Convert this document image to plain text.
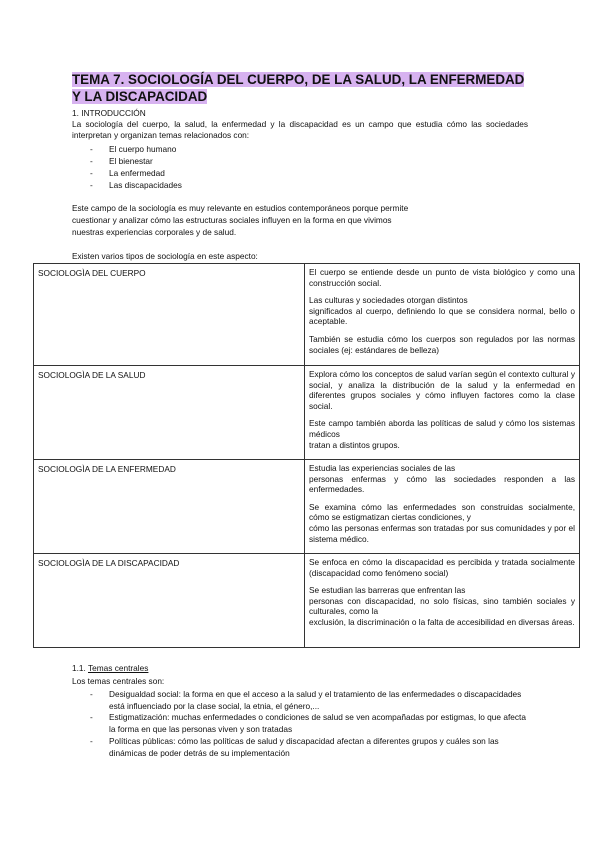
TEMA 7. SOCIOLOGÍA DEL CUERPO, DE LA SALUD, LA ENFERMEDAD Y LA DISCAPACIDAD
1. INTRODUCCIÓN
La sociología del cuerpo, la salud, la enfermedad y la discapacidad es un campo que estudia cómo las sociedades interpretan y organizan temas relacionados con:
- El cuerpo humano
- El bienestar
- La enfermedad
- Las discapacidades
Este campo de la sociología es muy relevante en estudios contemporáneos porque permite
cuestionar y analizar cómo las estructuras sociales influyen en la forma en que vivimos
nuestras experiencias corporales y de salud.
Existen varios tipos de sociología en este aspecto:
SOCIOLOGÌA DEL CUERPO	El cuerpo se entiende desde un punto de vista biológico y como una construcción social.

Las culturas y sociedades otorgan distintos
significados al cuerpo, definiendo lo que se considera normal, bello o aceptable.

También se estudia cómo los cuerpos son regulados por las normas sociales (ej: estándares de belleza)

SOCIOLOGÌA DE LA SALUD	Explora cómo los conceptos de salud varían según el contexto cultural y social, y analiza la distribución de la salud y la enfermedad en diferentes grupos sociales y cómo influyen factores como la clase social.

Este campo también aborda las políticas de salud y cómo los sistemas médicos
tratan a distintos grupos.

SOCIOLOGÌA DE LA ENFERMEDAD	Estudia las experiencias sociales de las
personas enfermas y cómo las sociedades responden a las enfermedades.

Se examina cómo las enfermedades son construidas socialmente, cómo se estigmatizan ciertas condiciones, y
cómo las personas enfermas son tratadas por sus comunidades y por el sistema médico.

SOCIOLOGÌA DE LA DISCAPACIDAD	Se enfoca en cómo la discapacidad es percibida y tratada socialmente (discapacidad como fenómeno social)

Se estudian las barreras que enfrentan las
personas con discapacidad, no solo físicas, sino también sociales y culturales, como la
exclusión, la discriminación o la falta de accesibilidad en diversas áreas.

1.1. Temas centrales
Los temas centrales son:
- Desigualdad social: la forma en que el acceso a la salud y el tratamiento de las enfermedades o discapacidades está influenciado por la clase social, la etnia, el género,...
- Estigmatización: muchas enfermedades o condiciones de salud se ven acompañadas por estigmas, lo que afecta la forma en que las personas viven y son tratadas
- Políticas públicas: cómo las políticas de salud y discapacidad afectan a diferentes grupos y cuáles son las dinámicas de poder detrás de su implementación
